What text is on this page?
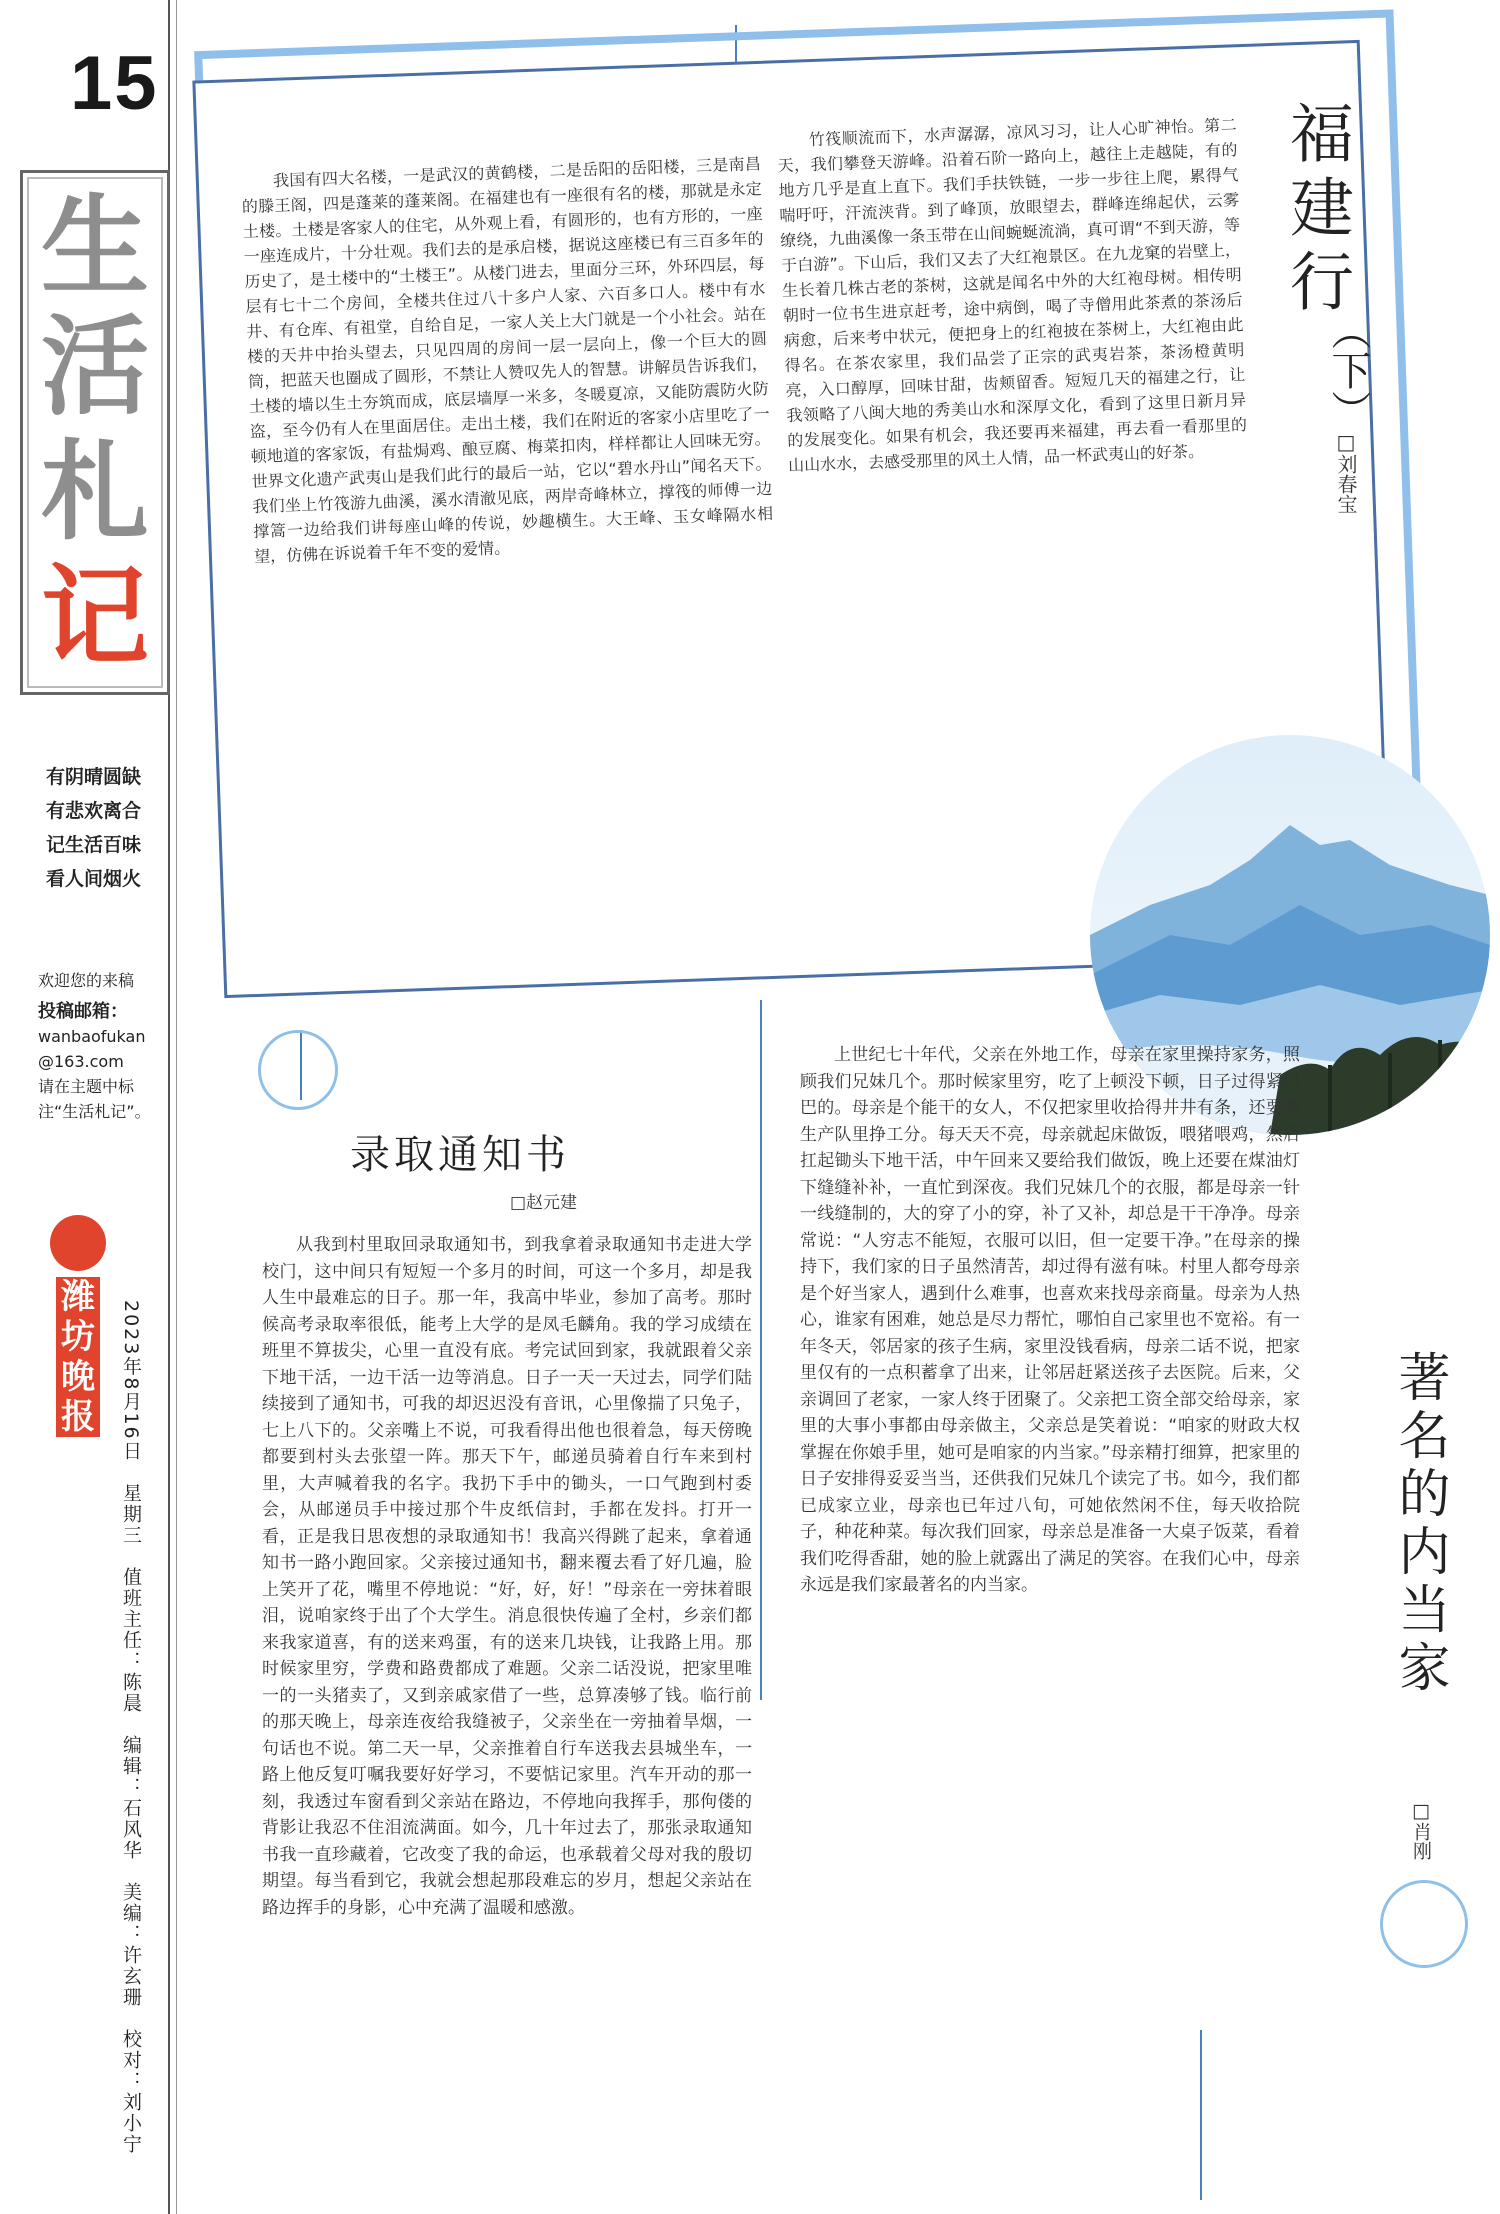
15
生
活
札
记
有阴晴圆缺
有悲欢离合
记生活百味
看人间烟火
欢迎您的来稿
投稿邮箱：
wanbaofukan
@163.com
请在主题中标注“生活札记”。
潍坊
晚报 2023年8月16日　星期三　值班主任：陈晨　编辑：石风华　美编：许玄珊　校对：刘小宁

我国有四大名楼，一是武汉的黄鹤楼，二是岳阳的岳阳楼，三是南昌的滕王阁，四是蓬莱的蓬莱阁。在福建也有一座很有名的楼，那就是永定土楼。土楼是客家人的住宅，从外观上看，有圆形的，也有方形的，一座一座连成片，十分壮观。我们去的是承启楼，据说这座楼已有三百多年的历史了，是土楼中的“土楼王”。从楼门进去，里面分三环，外环四层，每层有七十二个房间，全楼共住过八十多户人家、六百多口人。楼中有水井、有仓库、有祖堂，自给自足，一家人关上大门就是一个小社会。站在楼的天井中抬头望去，只见四周的房间一层一层向上，像一个巨大的圆筒，把蓝天也圈成了圆形，不禁让人赞叹先人的智慧。讲解员告诉我们，土楼的墙以生土夯筑而成，底层墙厚一米多，冬暖夏凉，又能防震防火防盗，至今仍有人在里面居住。走出土楼，我们在附近的客家小店里吃了一顿地道的客家饭，有盐焗鸡、酿豆腐、梅菜扣肉，样样都让人回味无穷。世界文化遗产武夷山是我们此行的最后一站，它以“碧水丹山”闻名天下。我们坐上竹筏游九曲溪，溪水清澈见底，两岸奇峰林立，撑筏的师傅一边撑篙一边给我们讲每座山峰的传说，妙趣横生。大王峰、玉女峰隔水相望，仿佛在诉说着千年不变的爱情。

竹筏顺流而下，水声潺潺，凉风习习，让人心旷神怡。第二天，我们攀登天游峰。沿着石阶一路向上，越往上走越陡，有的地方几乎是直上直下。我们手扶铁链，一步一步往上爬，累得气喘吁吁，汗流浃背。到了峰顶，放眼望去，群峰连绵起伏，云雾缭绕，九曲溪像一条玉带在山间蜿蜒流淌，真可谓“不到天游，等于白游”。下山后，我们又去了大红袍景区。在九龙窠的岩壁上，生长着几株古老的茶树，这就是闻名中外的大红袍母树。相传明朝时一位书生进京赶考，途中病倒，喝了寺僧用此茶煮的茶汤后病愈，后来考中状元，便把身上的红袍披在茶树上，大红袍由此得名。在茶农家里，我们品尝了正宗的武夷岩茶，茶汤橙黄明亮，入口醇厚，回味甘甜，齿颊留香。短短几天的福建之行，让我领略了八闽大地的秀美山水和深厚文化，看到了这里日新月异的发展变化。如果有机会，我还要再来福建，再去看一看那里的山山水水，去感受那里的风土人情，品一杯武夷山的好茶。

福建行
（下）
□刘春宝
录取通知书
□赵元建

从我到村里取回录取通知书，到我拿着录取通知书走进大学校门，这中间只有短短一个多月的时间，可这一个多月，却是我人生中最难忘的日子。那一年，我高中毕业，参加了高考。那时候高考录取率很低，能考上大学的是凤毛麟角。我的学习成绩在班里不算拔尖，心里一直没有底。考完试回到家，我就跟着父亲下地干活，一边干活一边等消息。日子一天一天过去，同学们陆续接到了通知书，可我的却迟迟没有音讯，心里像揣了只兔子，七上八下的。父亲嘴上不说，可我看得出他也很着急，每天傍晚都要到村头去张望一阵。那天下午，邮递员骑着自行车来到村里，大声喊着我的名字。我扔下手中的锄头，一口气跑到村委会，从邮递员手中接过那个牛皮纸信封，手都在发抖。打开一看，正是我日思夜想的录取通知书！我高兴得跳了起来，拿着通知书一路小跑回家。父亲接过通知书，翻来覆去看了好几遍，脸上笑开了花，嘴里不停地说：“好，好，好！”母亲在一旁抹着眼泪，说咱家终于出了个大学生。消息很快传遍了全村，乡亲们都来我家道喜，有的送来鸡蛋，有的送来几块钱，让我路上用。那时候家里穷，学费和路费都成了难题。父亲二话没说，把家里唯一的一头猪卖了，又到亲戚家借了一些，总算凑够了钱。临行前的那天晚上，母亲连夜给我缝被子，父亲坐在一旁抽着旱烟，一句话也不说。第二天一早，父亲推着自行车送我去县城坐车，一路上他反复叮嘱我要好好学习，不要惦记家里。汽车开动的那一刻，我透过车窗看到父亲站在路边，不停地向我挥手，那佝偻的背影让我忍不住泪流满面。如今，几十年过去了，那张录取通知书我一直珍藏着，它改变了我的命运，也承载着父母对我的殷切期望。每当看到它，我就会想起那段难忘的岁月，想起父亲站在路边挥手的身影，心中充满了温暖和感激。

上世纪七十年代，父亲在外地工作，母亲在家里操持家务，照顾我们兄妹几个。那时候家里穷，吃了上顿没下顿，日子过得紧巴巴的。母亲是个能干的女人，不仅把家里收拾得井井有条，还要到生产队里挣工分。每天天不亮，母亲就起床做饭，喂猪喂鸡，然后扛起锄头下地干活，中午回来又要给我们做饭，晚上还要在煤油灯下缝缝补补，一直忙到深夜。我们兄妹几个的衣服，都是母亲一针一线缝制的，大的穿了小的穿，补了又补，却总是干干净净。母亲常说：“人穷志不能短，衣服可以旧，但一定要干净。”在母亲的操持下，我们家的日子虽然清苦，却过得有滋有味。村里人都夸母亲是个好当家人，遇到什么难事，也喜欢来找母亲商量。母亲为人热心，谁家有困难，她总是尽力帮忙，哪怕自己家里也不宽裕。有一年冬天，邻居家的孩子生病，家里没钱看病，母亲二话不说，把家里仅有的一点积蓄拿了出来，让邻居赶紧送孩子去医院。后来，父亲调回了老家，一家人终于团聚了。父亲把工资全部交给母亲，家里的大事小事都由母亲做主，父亲总是笑着说：“咱家的财政大权掌握在你娘手里，她可是咱家的内当家。”母亲精打细算，把家里的日子安排得妥妥当当，还供我们兄妹几个读完了书。如今，我们都已成家立业，母亲也已年过八旬，可她依然闲不住，每天收拾院子，种花种菜。每次我们回家，母亲总是准备一大桌子饭菜，看着我们吃得香甜，她的脸上就露出了满足的笑容。在我们心中，母亲永远是我们家最著名的内当家。	著名的内当家
□肖刚
